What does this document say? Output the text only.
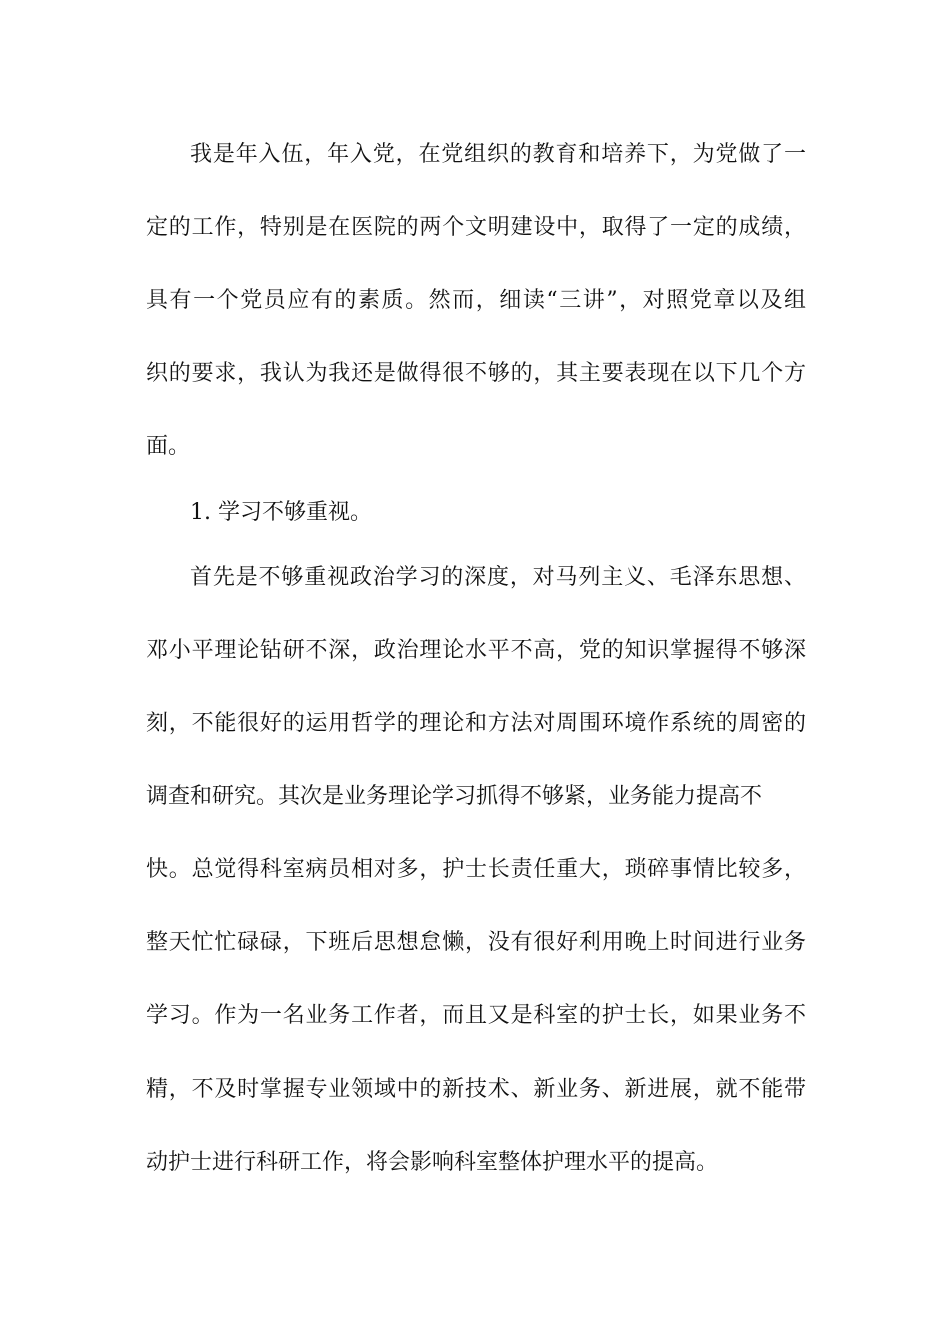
我是年入伍，年入党，在党组织的教育和培养下，为党做了一
定的工作，特别是在医院的两个文明建设中，取得了一定的成绩，
具有一个党员应有的素质。然而，细读“三讲”，对照党章以及组
织的要求，我认为我还是做得很不够的，其主要表现在以下几个方
面。
1. 学习不够重视。
首先是不够重视政治学习的深度，对马列主义、毛泽东思想、
邓小平理论钻研不深，政治理论水平不高，党的知识掌握得不够深
刻，不能很好的运用哲学的理论和方法对周围环境作系统的周密的
调查和研究。其次是业务理论学习抓得不够紧，业务能力提高不
快。总觉得科室病员相对多，护士长责任重大，琐碎事情比较多，
整天忙忙碌碌，下班后思想怠懒，没有很好利用晚上时间进行业务
学习。作为一名业务工作者，而且又是科室的护士长，如果业务不
精，不及时掌握专业领域中的新技术、新业务、新进展，就不能带
动护士进行科研工作，将会影响科室整体护理水平的提高。
